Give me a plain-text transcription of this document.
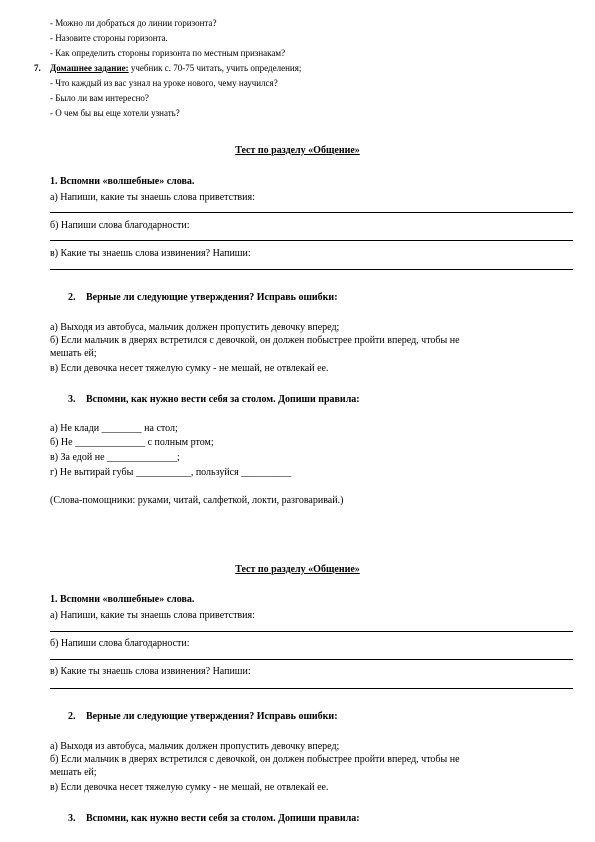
- Можно ли добраться до линии горизонта?
- Назовите стороны горизонта.
- Как определить стороны горизонта по местным признакам?
7. Домашнее задание: учебник с. 70-75 читать, учить определения;
- Что каждый из вас узнал на уроке нового, чему научился?
- Было ли вам интересно?
- О чем бы вы еще хотели узнать?
Тест по разделу «Общение»
1. Вспомни «волшебные» слова.
а) Напиши, какие ты знаешь слова приветствия:
б) Напиши слова благодарности:
в) Какие ты знаешь слова извинения? Напиши:
2. Верные ли следующие утверждения? Исправь ошибки:
а) Выходя из автобуса, мальчик должен пропустить девочку вперед;
б) Если мальчик в дверях встретился с девочкой, он должен побыстрее пройти вперед, чтобы не
мешать ей;
в) Если девочка несет тяжелую сумку - не мешай, не отвлекай ее.
3. Вспомни, как нужно вести себя за столом. Допиши правила:
а) Не клади ________ на стол;
б) Не ______________ с полным ртом;
в) За едой не ______________;
г) Не вытирай губы ___________, пользуйся __________
(Слова-помощники: руками, читай, салфеткой, локти, разговаривай.)
Тест по разделу «Общение»
1. Вспомни «волшебные» слова.
а) Напиши, какие ты знаешь слова приветствия:
б) Напиши слова благодарности:
в) Какие ты знаешь слова извинения? Напиши:
2. Верные ли следующие утверждения? Исправь ошибки:
а) Выходя из автобуса, мальчик должен пропустить девочку вперед;
б) Если мальчик в дверях встретился с девочкой, он должен побыстрее пройти вперед, чтобы не
мешать ей;
в) Если девочка несет тяжелую сумку - не мешай, не отвлекай ее.
3. Вспомни, как нужно вести себя за столом. Допиши правила:
